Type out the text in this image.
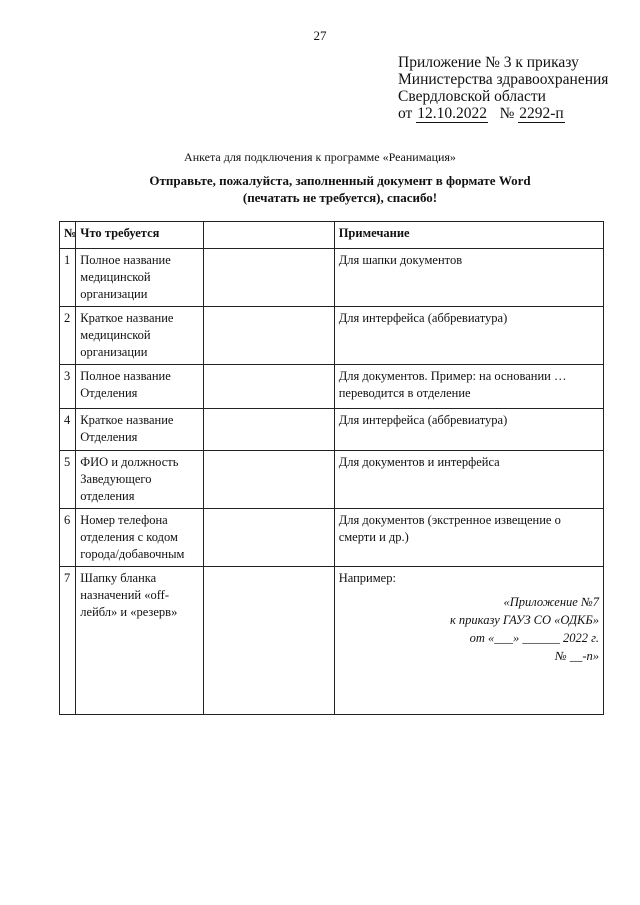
27
Приложение № 3 к приказу
Министерства здравоохранения
Свердловской области
от 12.10.2022 № 2292-п
Анкета для подключения к программе «Реанимация»
Отправьте, пожалуйста, заполненный документ в формате Word
(печатать не требуется), спасибо!
№	Что требуется		Примечание
1	Полное название медицинской организации		Для шапки документов
2	Краткое название медицинской организации		Для интерфейса (аббревиатура)
3	Полное название Отделения		Для документов. Пример: на основании … переводится в отделение
4	Краткое название Отделения		Для интерфейса (аббревиатура)
5	ФИО и должность Заведующего отделения		Для документов и интерфейса
6	Номер телефона отделения с кодом города/добавочным		Для документов (экстренное извещение о смерти и др.)
7	Шапку бланка назначений «off-лейбл» и «резерв»		Например:
«Приложение №7
к приказу ГАУЗ СО «ОДКБ»
от «___» ______ 2022 г.
№ __-п»
